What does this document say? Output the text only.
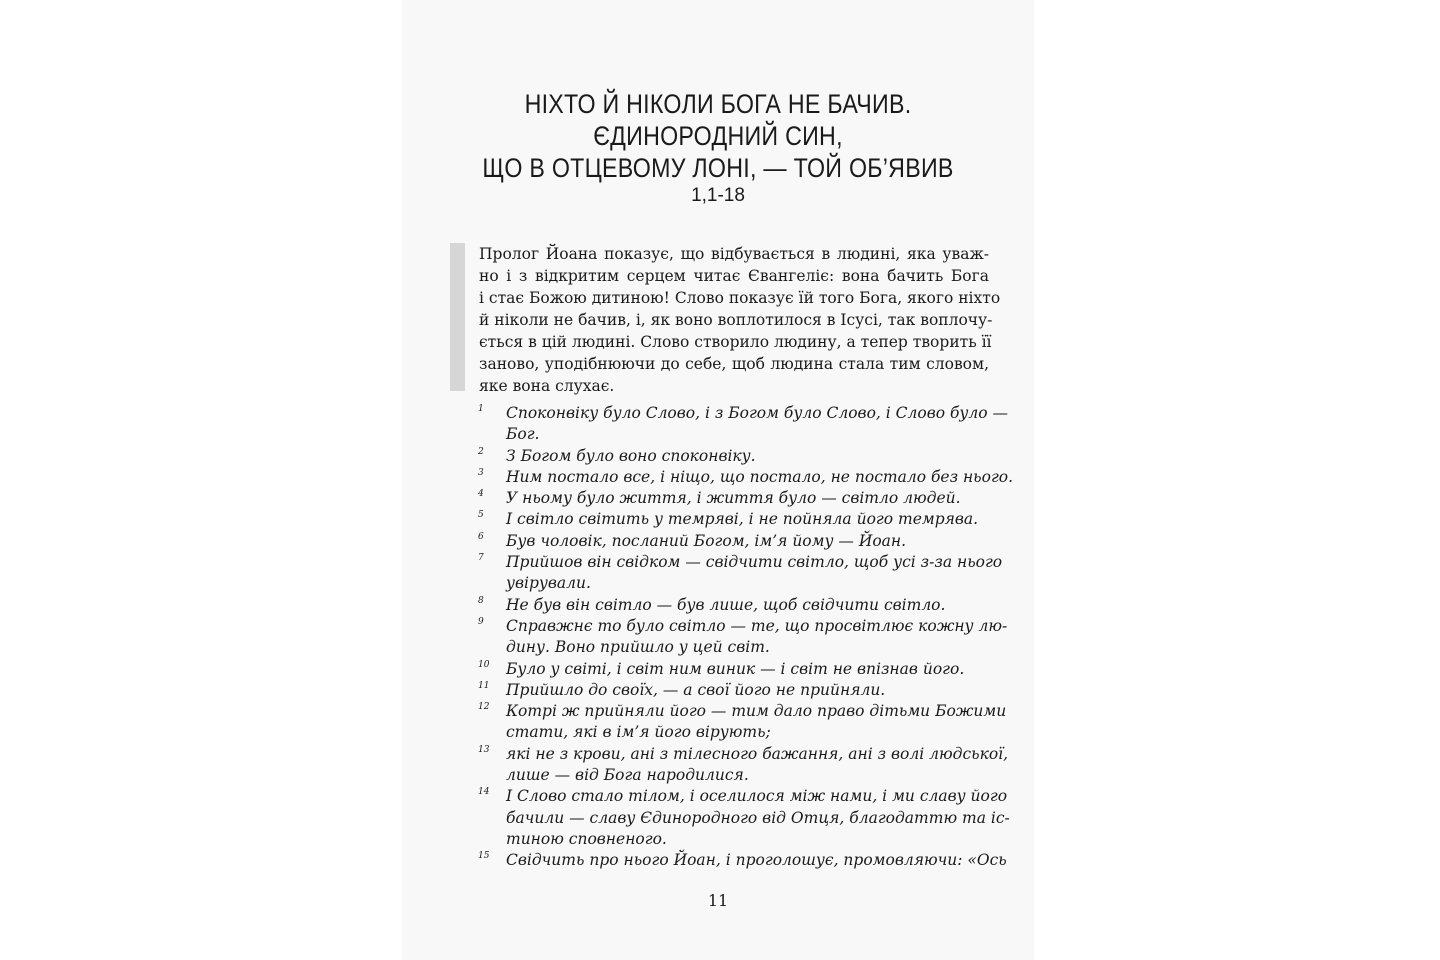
НІХТО Й НІКОЛИ БОГА НЕ БАЧИВ.
ЄДИНОРОДНИЙ СИН,
ЩО В ОТЦЕВОМУ ЛОНІ, — ТОЙ ОБ’ЯВИВ
1,1-18
Пролог Йоана показує, що відбувається в людині, яка уваж-
но і з відкритим серцем читає Євангеліє: вона бачить Бога
і стає Божою дитиною! Слово показує їй того Бога, якого ніхто
й ніколи не бачив, і, як воно воплотилося в Ісусі, так воплочу-
ється в цій людині. Слово створило людину, а тепер творить її
заново, уподібнюючи до себе, щоб людина стала тим словом,
яке вона слухає.
1 Споконвіку було Слово, і з Богом було Слово, і Слово було —
Бог.
2 З Богом було воно споконвіку.
3 Ним постало все, і ніщо, що постало, не постало без нього.
4 У ньому було життя, і життя було — світло людей.
5 І світло світить у темряві, і не пойняла його темрява.
6 Був чоловік, посланий Богом, ім’я йому — Йоан.
7 Прийшов він свідком — свідчити світло, щоб усі з-за нього
увірували.
8 Не був він світло — був лише, щоб свідчити світло.
9 Справжнє то було світло — те, що просвітлює кожну лю-
дину. Воно прийшло у цей світ.
10 Було у світі, і світ ним виник — і світ не впізнав його.
11 Прийшло до своїх, — а свої його не прийняли.
12 Котрі ж прийняли його — тим дало право дітьми Божими
стати, які в ім’я його вірують;
13 які не з крови, ані з тілесного бажання, ані з волі людської,
лише — від Бога народилися.
14 І Слово стало тілом, і оселилося між нами, і ми славу його
бачили — славу Єдинородного від Отця, благодаттю та іс-
тиною сповненого.
15 Свідчить про нього Йоан, і проголошує, промовляючи: «Ось
11
